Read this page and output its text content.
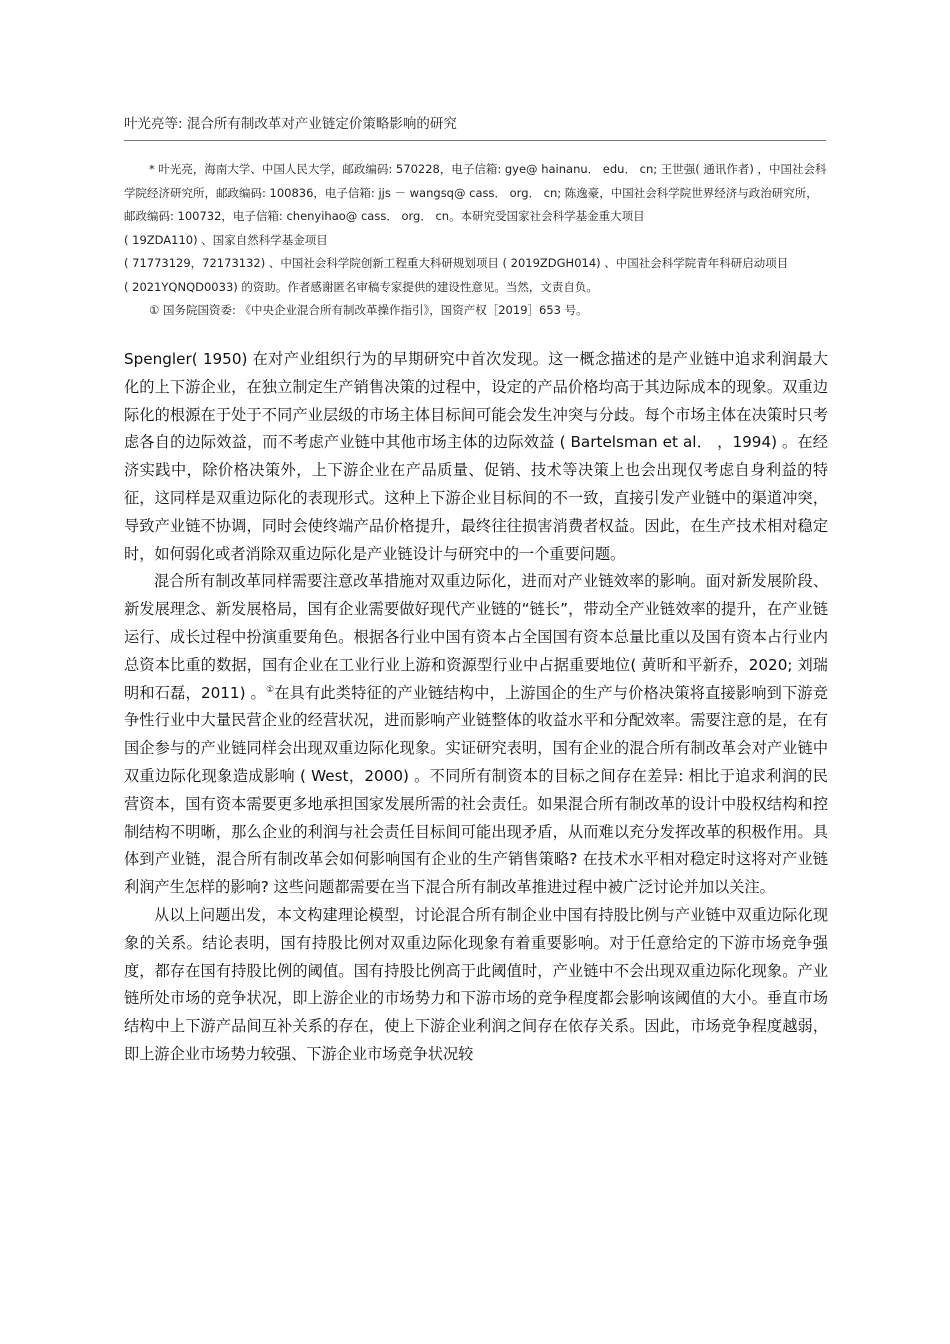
叶光亮等: 混合所有制改革对产业链定价策略影响的研究

* 叶光亮，海南大学、中国人民大学，邮政编码: 570228，电子信箱: gye@ hainanu． edu． cn; 王世强( 通讯作者) ，中国社会科学院经济研究所，邮政编码: 100836，电子信箱: jjs － wangsq@ cass． org． cn; 陈逸豪，中国社会科学院世界经济与政治研究所，邮政编码: 100732，电子信箱: chenyihao@ cass． org． cn。本研究受国家社会科学基金重大项目

( 19ZDA110) 、国家自然科学基金项目

( 71773129，72173132) 、中国社会科学院创新工程重大科研规划项目 ( 2019ZDGH014) 、中国社会科学院青年科研启动项目

( 2021YQNQD0033) 的资助。作者感谢匿名审稿专家提供的建设性意见。当然，文责自负。

① 国务院国资委: 《中央企业混合所有制改革操作指引》，国资产权［2019］653 号。

Spengler( 1950) 在对产业组织行为的早期研究中首次发现。这一概念描述的是产业链中追求利润最大化的上下游企业，在独立制定生产销售决策的过程中，设定的产品价格均高于其边际成本的现象。双重边际化的根源在于处于不同产业层级的市场主体目标间可能会发生冲突与分歧。每个市场主体在决策时只考虑各自的边际效益，而不考虑产业链中其他市场主体的边际效益 ( Bartelsman et al． ，1994) 。在经济实践中，除价格决策外，上下游企业在产品质量、促销、技术等决策上也会出现仅考虑自身利益的特征，这同样是双重边际化的表现形式。这种上下游企业目标间的不一致，直接引发产业链中的渠道冲突，导致产业链不协调，同时会使终端产品价格提升，最终往往损害消费者权益。因此，在生产技术相对稳定时，如何弱化或者消除双重边际化是产业链设计与研究中的一个重要问题。

混合所有制改革同样需要注意改革措施对双重边际化，进而对产业链效率的影响。面对新发展阶段、新发展理念、新发展格局，国有企业需要做好现代产业链的“链长”，带动全产业链效率的提升，在产业链运行、成长过程中扮演重要角色。根据各行业中国有资本占全国国有资本总量比重以及国有资本占行业内总资本比重的数据，国有企业在工业行业上游和资源型行业中占据重要地位( 黄昕和平新乔，2020; 刘瑞明和石磊，2011) 。①在具有此类特征的产业链结构中，上游国企的生产与价格决策将直接影响到下游竞争性行业中大量民营企业的经营状况，进而影响产业链整体的收益水平和分配效率。需要注意的是，在有国企参与的产业链同样会出现双重边际化现象。实证研究表明，国有企业的混合所有制改革会对产业链中双重边际化现象造成影响 ( West，2000) 。不同所有制资本的目标之间存在差异: 相比于追求利润的民营资本，国有资本需要更多地承担国家发展所需的社会责任。如果混合所有制改革的设计中股权结构和控制结构不明晰，那么企业的利润与社会责任目标间可能出现矛盾，从而难以充分发挥改革的积极作用。具体到产业链，混合所有制改革会如何影响国有企业的生产销售策略? 在技术水平相对稳定时这将对产业链利润产生怎样的影响? 这些问题都需要在当下混合所有制改革推进过程中被广泛讨论并加以关注。

从以上问题出发，本文构建理论模型，讨论混合所有制企业中国有持股比例与产业链中双重边际化现象的关系。结论表明，国有持股比例对双重边际化现象有着重要影响。对于任意给定的下游市场竞争强度，都存在国有持股比例的阈值。国有持股比例高于此阈值时，产业链中不会出现双重边际化现象。产业链所处市场的竞争状况，即上游企业的市场势力和下游市场的竞争程度都会影响该阈值的大小。垂直市场结构中上下游产品间互补关系的存在，使上下游企业利润之间存在依存关系。因此，市场竞争程度越弱，即上游企业市场势力较强、下游企业市场竞争状况较
